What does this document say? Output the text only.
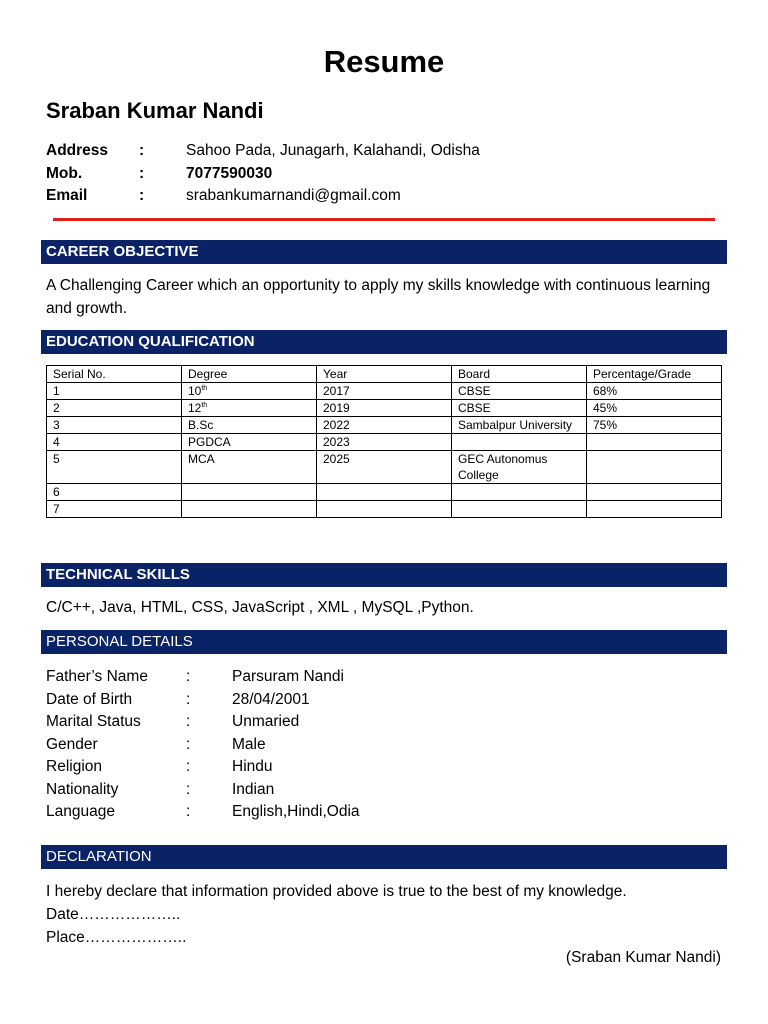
Resume
Sraban Kumar Nandi
Address :	Sahoo Pada, Junagarh, Kalahandi, Odisha
Mob.	:	7077590030
Email	:	srabankumarnandi@gmail.com
CAREER OBJECTIVE
A Challenging Career which an opportunity to apply my skills knowledge with continuous learning and growth.
EDUCATION QUALIFICATION
Serial No.	Degree	Year	Board	Percentage/Grade
1	10th	2017	CBSE	68%
2	12th	2019	CBSE	45%
3	B.Sc	2022	Sambalpur University	75%
4	PGDCA	2023		
5	MCA	2025	GEC Autonomus College	
6				
7				
TECHNICAL SKILLS
C/C++, Java, HTML, CSS, JavaScript , XML , MySQL ,Python.
PERSONAL DETAILS
Father’s Name :	Parsuram Nandi
Date of Birth	:	28/04/2001
Marital Status	:	Unmaried
Gender	:	Male
Religion	:	Hindu
Nationality	:	Indian
Language	:	English,Hindi,Odia
DECLARATION
I hereby declare that information provided above is true to the best of my knowledge.
Date………………..
Place………………..
(Sraban Kumar Nandi)
